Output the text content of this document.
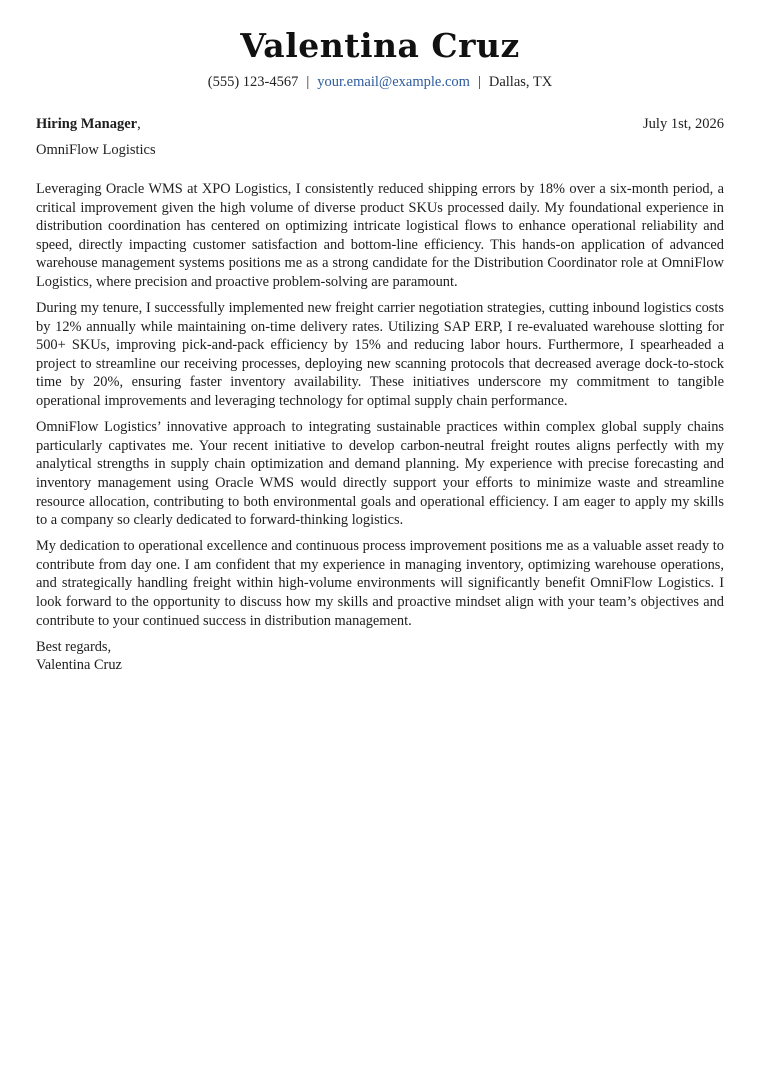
Valentina Cruz
(555) 123-4567 | your.email@example.com | Dallas, TX
Hiring Manager,	July 1st, 2026
OmniFlow Logistics

Leveraging Oracle WMS at XPO Logistics, I consistently reduced shipping errors by 18% over a six-month period, a critical improvement given the high volume of diverse product SKUs processed daily. My foundational experience in distribution coordination has centered on optimizing intricate logistical flows to enhance operational reliability and speed, directly impacting customer satisfaction and bottom-line efficiency. This hands-on application of advanced warehouse management systems positions me as a strong candidate for the Distribution Coordinator role at OmniFlow Logistics, where precision and proactive problem-solving are paramount.

During my tenure, I successfully implemented new freight carrier negotiation strategies, cutting inbound logistics costs by 12% annually while maintaining on-time delivery rates. Utilizing SAP ERP, I re-evaluated warehouse slotting for 500+ SKUs, improving pick-and-pack efficiency by 15% and reducing labor hours. Furthermore, I spearheaded a project to streamline our receiving processes, deploying new scanning protocols that decreased average dock-to-stock time by 20%, ensuring faster inventory availability. These initiatives underscore my commitment to tangible operational improvements and leveraging technology for optimal supply chain performance.

OmniFlow Logistics’ innovative approach to integrating sustainable practices within complex global supply chains particularly captivates me. Your recent initiative to develop carbon-neutral freight routes aligns perfectly with my analytical strengths in supply chain optimization and demand planning. My experience with precise forecasting and inventory management using Oracle WMS would directly support your efforts to minimize waste and streamline resource allocation, contributing to both environmental goals and operational efficiency. I am eager to apply my skills to a company so clearly dedicated to forward-thinking logistics.

My dedication to operational excellence and continuous process improvement positions me as a valuable asset ready to contribute from day one. I am confident that my experience in managing inventory, optimizing warehouse operations, and strategically handling freight within high-volume environments will significantly benefit OmniFlow Logistics. I look forward to the opportunity to discuss how my skills and proactive mindset align with your team’s objectives and contribute to your continued success in distribution management.

Best regards,
Valentina Cruz
